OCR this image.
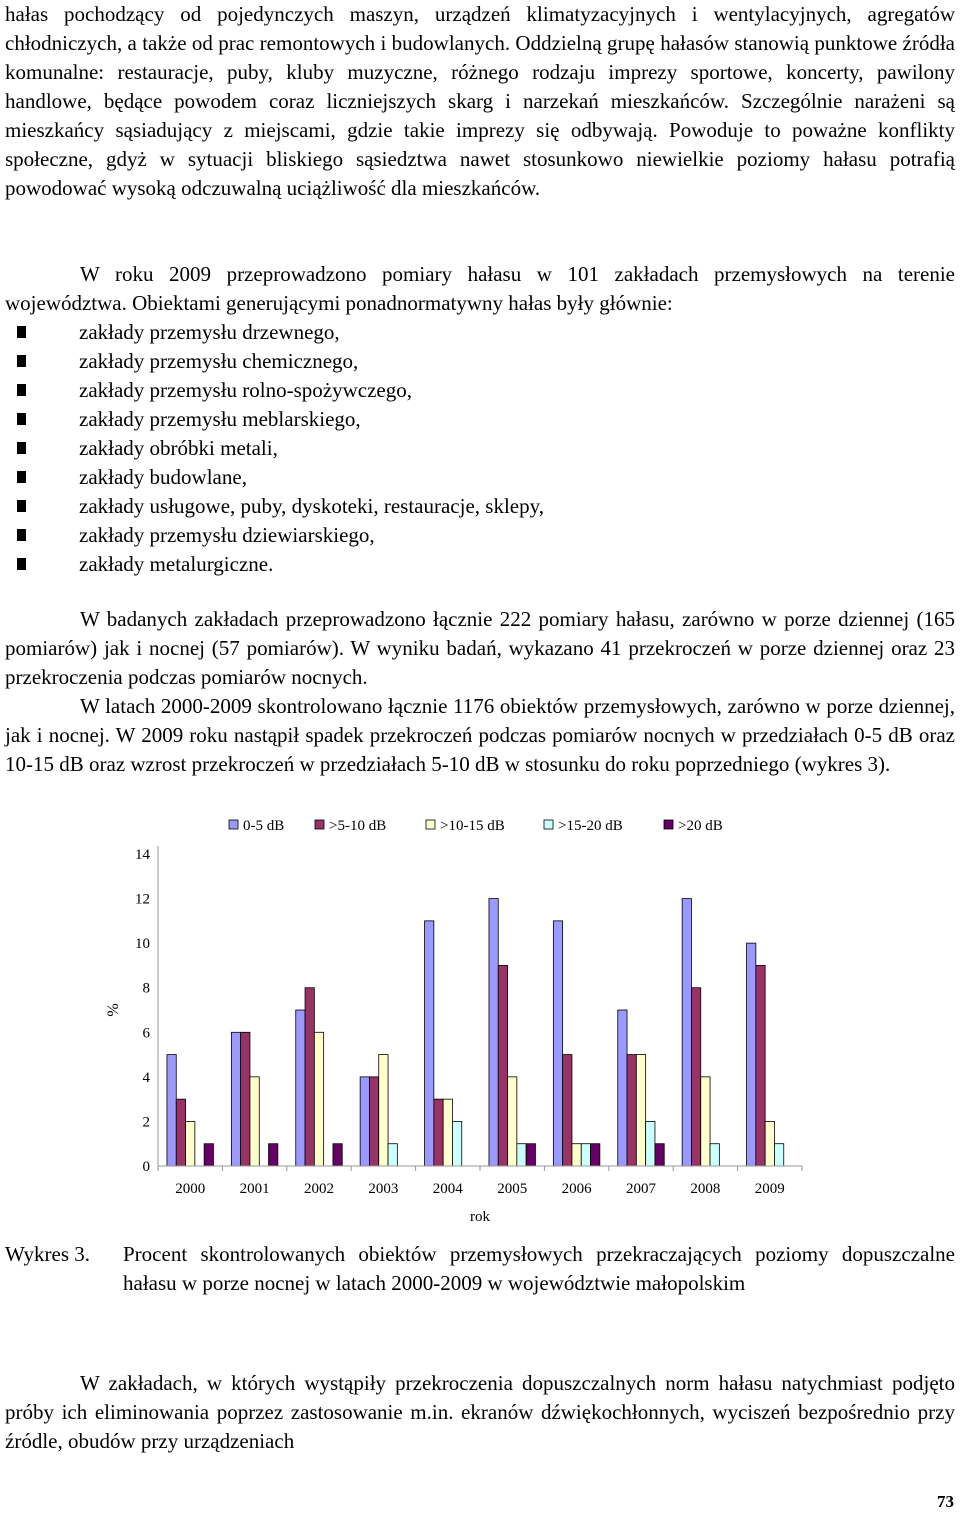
hałas pochodzący od pojedynczych maszyn, urządzeń klimatyzacyjnych i wentylacyjnych, agregatów chłodniczych, a także od prac remontowych i budowlanych. Oddzielną grupę hałasów stanowią punktowe źródła komunalne: restauracje, puby, kluby muzyczne, różnego rodzaju imprezy sportowe, koncerty, pawilony handlowe, będące powodem coraz liczniejszych skarg i narzekań mieszkańców. Szczególnie narażeni są mieszkańcy sąsiadujący z miejscami, gdzie takie imprezy się odbywają. Powoduje to poważne konflikty społeczne, gdyż w sytuacji bliskiego sąsiedztwa nawet stosunkowo niewielkie poziomy hałasu potrafią powodować wysoką odczuwalną uciążliwość dla mieszkańców.

W roku 2009 przeprowadzono pomiary hałasu w 101 zakładach przemysłowych na terenie województwa. Obiektami generującymi ponadnormatywny hałas były głównie:

zakłady przemysłu drzewnego,
zakłady przemysłu chemicznego,
zakłady przemysłu rolno-spożywczego,
zakłady przemysłu meblarskiego,
zakłady obróbki metali,
zakłady budowlane,
zakłady usługowe, puby, dyskoteki, restauracje, sklepy,
zakłady przemysłu dziewiarskiego,
zakłady metalurgiczne.

W badanych zakładach przeprowadzono łącznie 222 pomiary hałasu, zarówno w porze dziennej (165 pomiarów) jak i nocnej (57 pomiarów). W wyniku badań, wykazano 41 przekroczeń w porze dziennej oraz 23 przekroczenia podczas pomiarów nocnych.

W latach 2000-2009 skontrolowano łącznie 1176 obiektów przemysłowych, zarówno w porze dziennej, jak i nocnej. W 2009 roku nastąpił spadek przekroczeń podczas pomiarów nocnych w przedziałach 0-5 dB oraz 10-15 dB oraz wzrost przekroczeń w przedziałach 5-10 dB w stosunku do roku poprzedniego (wykres 3).

0
2
4
6
8
10
12
14
2000 2001 2002 2003 2004 2005 2006 2007 2008 2009
rok
%
0-5 dB	>5-10 dB	>10-15 dB	>15-20 dB	>20 dB
Wykres 3. Procent skontrolowanych obiektów przemysłowych przekraczających poziomy dopuszczalne hałasu w porze nocnej w latach 2000-2009 w województwie małopolskim

W zakładach, w których wystąpiły przekroczenia dopuszczalnych norm hałasu natychmiast podjęto próby ich eliminowania poprzez zastosowanie m.in. ekranów dźwiękochłonnych, wyciszeń bezpośrednio przy źródle, obudów przy urządzeniach

73
